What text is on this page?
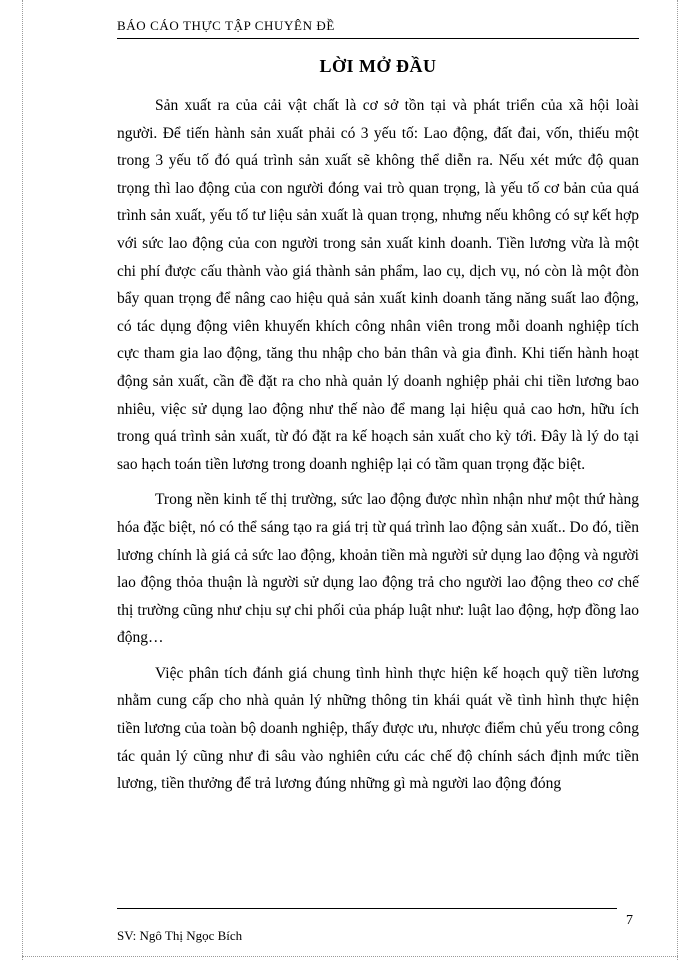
BÁO CÁO THỰC TẬP CHUYÊN ĐỀ
LỜI MỞ ĐẦU

Sản xuất ra của cải vật chất là cơ sở tồn tại và phát triển của xã hội loài người. Để tiến hành sản xuất phải có 3 yếu tố: Lao động, đất đai, vốn, thiếu một trong 3 yếu tố đó quá trình sản xuất sẽ không thể diễn ra. Nếu xét mức độ quan trọng thì lao động của con người đóng vai trò quan trọng, là yếu tố cơ bản của quá trình sản xuất, yếu tố tư liệu sản xuất là quan trọng, nhưng nếu không có sự kết hợp với sức lao động của con người trong sản xuất kinh doanh. Tiền lương vừa là một chi phí được cấu thành vào giá thành sản phẩm, lao cụ, dịch vụ, nó còn là một đòn bẩy quan trọng để nâng cao hiệu quả sản xuất kinh doanh tăng năng suất lao động, có tác dụng động viên khuyến khích công nhân viên trong mỗi doanh nghiệp tích cực tham gia lao động, tăng thu nhập cho bản thân và gia đình. Khi tiến hành hoạt động sản xuất, cần đề đặt ra cho nhà quản lý doanh nghiệp phải chi tiền lương bao nhiêu, việc sử dụng lao động như thế nào để mang lại hiệu quả cao hơn, hữu ích trong quá trình sản xuất, từ đó đặt ra kế hoạch sản xuất cho kỳ tới. Đây là lý do tại sao hạch toán tiền lương trong doanh nghiệp lại có tầm quan trọng đặc biệt.

Trong nền kinh tế thị trường, sức lao động được nhìn nhận như một thứ hàng hóa đặc biệt, nó có thể sáng tạo ra giá trị từ quá trình lao động sản xuất.. Do đó, tiền lương chính là giá cả sức lao động, khoản tiền mà người sử dụng lao động và người lao động thỏa thuận là người sử dụng lao động trả cho người lao động theo cơ chế thị trường cũng như chịu sự chi phối của pháp luật như: luật lao động, hợp đồng lao động…

Việc phân tích đánh giá chung tình hình thực hiện kế hoạch quỹ tiền lương nhằm cung cấp cho nhà quản lý những thông tin khái quát về tình hình thực hiện tiền lương của toàn bộ doanh nghiệp, thấy được ưu, nhược điểm chủ yếu trong công tác quản lý cũng như đi sâu vào nghiên cứu các chế độ chính sách định mức tiền lương, tiền thưởng để trả lương đúng những gì mà người lao động đóng

7
SV: Ngô Thị Ngọc Bích
